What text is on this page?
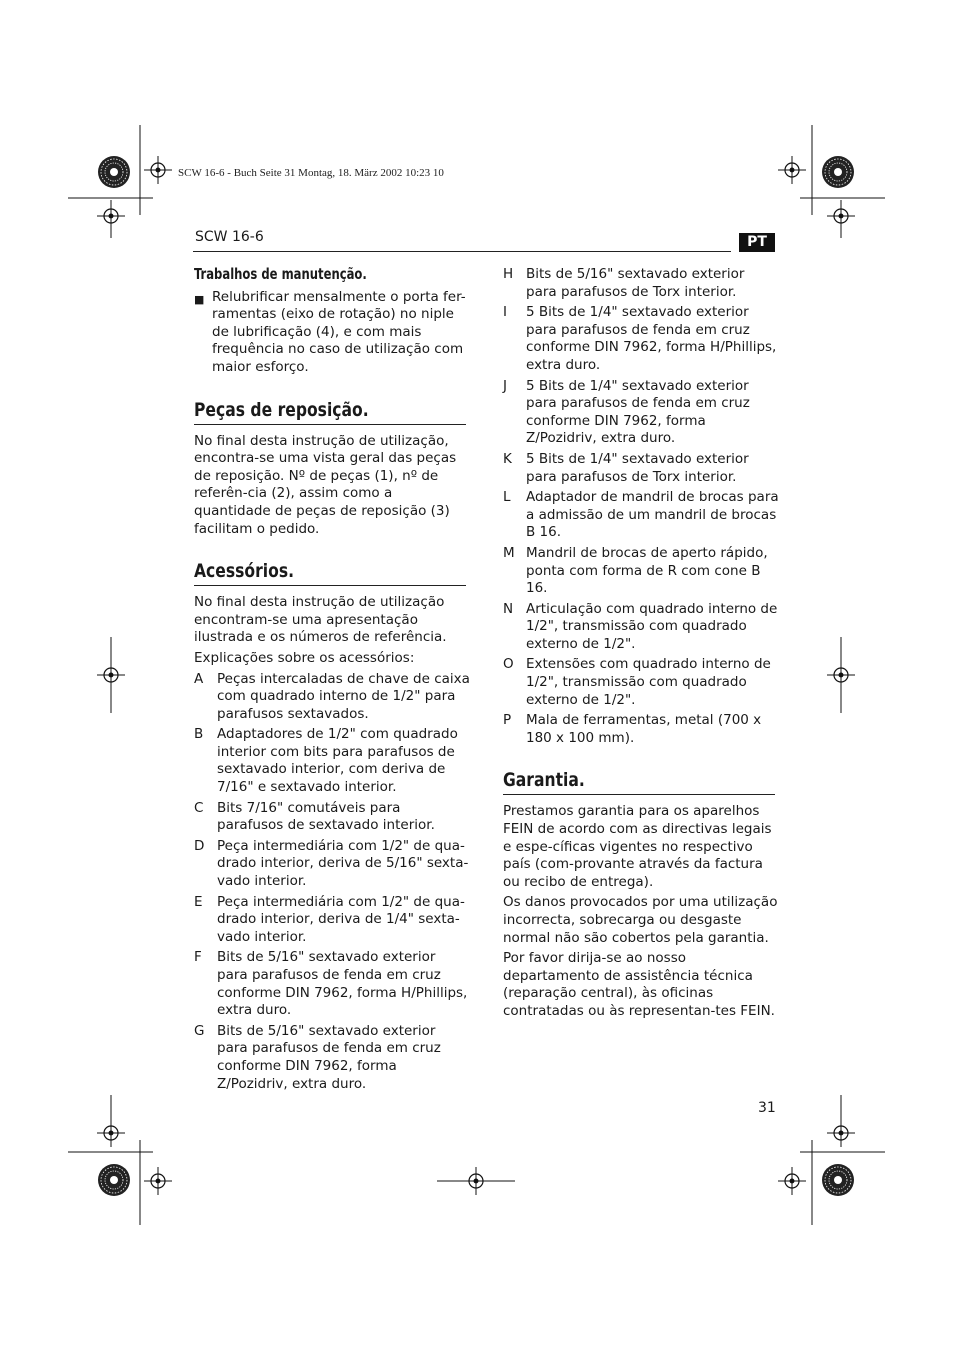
SCW 16-6 - Buch Seite 31 Montag, 18. März 2002 10:23 10
SCW 16-6	PT
Trabalhos de manutenção.
■ Relubrificar mensalmente o porta fer-ramentas (eixo de rotação) no niple de lubrificação (4), e com mais frequência no caso de utilização com maior esforço.
Peças de reposição.

No final desta instrução de utilização, encontra-se uma vista geral das peças de reposição. Nº de peças (1), nº de referên-cia (2), assim como a quantidade de peças de reposição (3) facilitam o pedido.

Acessórios.

No final desta instrução de utilização encontram-se uma apresentação ilustrada e os números de referência.

Explicações sobre os acessórios:

A	Peças intercaladas de chave de caixa com quadrado interno de 1/2" para parafusos sextavados.
B	Adaptadores de 1/2" com quadrado interior com bits para parafusos de sextavado interior, com deriva de 7/16" e sextavado interior.
C	Bits 7/16" comutáveis para parafusos de sextavado interior.
D Peça intermediária com 1/2" de qua-drado interior, deriva de 5/16" sexta-vado interior.
E	Peça intermediária com 1/2" de qua-drado interior, deriva de 1/4" sexta-vado interior.
F	Bits de 5/16" sextavado exterior para parafusos de fenda em cruz conforme DIN 7962, forma H/Phillips, extra duro.
G Bits de 5/16" sextavado exterior para parafusos de fenda em cruz conforme DIN 7962, forma Z/Pozidriv, extra duro.
H Bits de 5/16" sextavado exterior para parafusos de Torx interior.
I	5 Bits de 1/4" sextavado exterior para parafusos de fenda em cruz conforme DIN 7962, forma H/Phillips, extra duro.
J	5 Bits de 1/4" sextavado exterior para parafusos de fenda em cruz conforme DIN 7962, forma Z/Pozidriv, extra duro.
K	5 Bits de 1/4" sextavado exterior para parafusos de Torx interior.
L	Adaptador de mandril de brocas para a admissão de um mandril de brocas B 16.
M Mandril de brocas de aperto rápido, ponta com forma de R com cone B 16.
N Articulação com quadrado interno de 1/2", transmissão com quadrado externo de 1/2".
O Extensões com quadrado interno de 1/2", transmissão com quadrado externo de 1/2".
P	Mala de ferramentas, metal (700 x 180 x 100 mm).
Garantia.

Prestamos garantia para os aparelhos FEIN de acordo com as directivas legais e espe-cíficas vigentes no respectivo país (com-provante através da factura ou recibo de entrega).

Os danos provocados por uma utilização incorrecta, sobrecarga ou desgaste normal não são cobertos pela garantia.

Por favor dirija-se ao nosso departamento de assistência técnica (reparação central), às oficinas contratadas ou às representan-tes FEIN.

31
